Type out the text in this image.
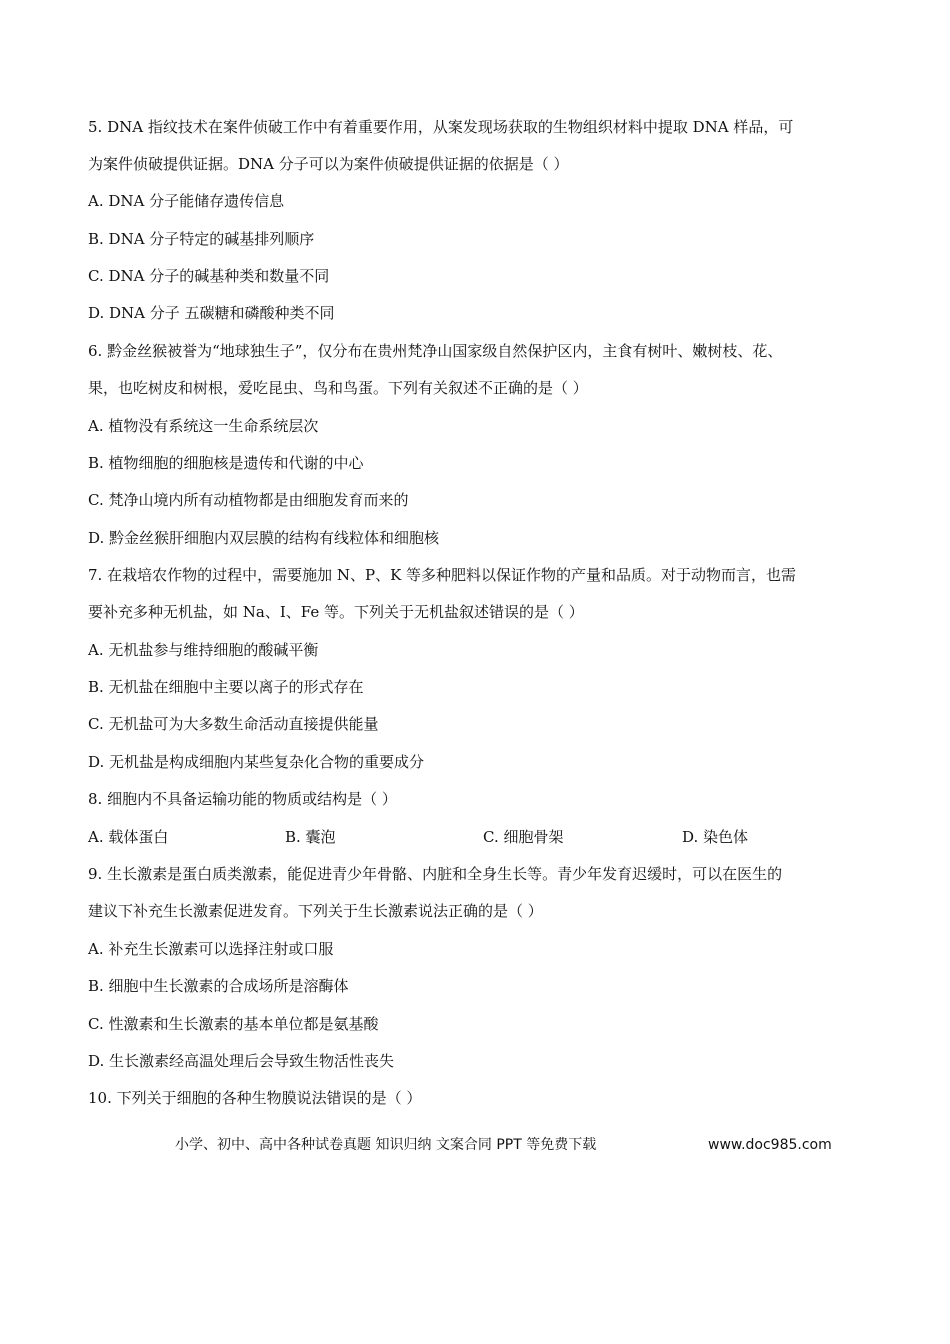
5. DNA 指纹技术在案件侦破工作中有着重要作用，从案发现场获取的生物组织材料中提取 DNA 样品，可
为案件侦破提供证据。DNA 分子可以为案件侦破提供证据的依据是（ ）
A. DNA 分子能储存遗传信息
B. DNA 分子特定的碱基排列顺序
C. DNA 分子的碱基种类和数量不同
D. DNA 分子 五碳糖和磷酸种类不同
6. 黔金丝猴被誉为“地球独生子”，仅分布在贵州梵净山国家级自然保护区内，主食有树叶、嫩树枝、花、
果，也吃树皮和树根，爱吃昆虫、鸟和鸟蛋。下列有关叙述不正确的是（ ）
A. 植物没有系统这一生命系统层次
B. 植物细胞的细胞核是遗传和代谢的中心
C. 梵净山境内所有动植物都是由细胞发育而来的
D. 黔金丝猴肝细胞内双层膜的结构有线粒体和细胞核
7. 在栽培农作物的过程中，需要施加 N、P、K 等多种肥料以保证作物的产量和品质。对于动物而言，也需
要补充多种无机盐，如 Na、I、Fe 等。下列关于无机盐叙述错误的是（ ）
A. 无机盐参与维持细胞的酸碱平衡
B. 无机盐在细胞中主要以离子的形式存在
C. 无机盐可为大多数生命活动直接提供能量
D. 无机盐是构成细胞内某些复杂化合物的重要成分
8. 细胞内不具备运输功能的物质或结构是（ ）
A. 载体蛋白	B. 囊泡	C. 细胞骨架	D. 染色体
9. 生长激素是蛋白质类激素，能促进青少年骨骼、内脏和全身生长等。青少年发育迟缓时，可以在医生的
建议下补充生长激素促进发育。下列关于生长激素说法正确的是（ ）
A. 补充生长激素可以选择注射或口服
B. 细胞中生长激素的合成场所是溶酶体
C. 性激素和生长激素的基本单位都是氨基酸
D. 生长激素经高温处理后会导致生物活性丧失
10. 下列关于细胞的各种生物膜说法错误的是（ ）
小学、初中、高中各种试卷真题 知识归纳 文案合同 PPT 等免费下载	www.doc985.com
